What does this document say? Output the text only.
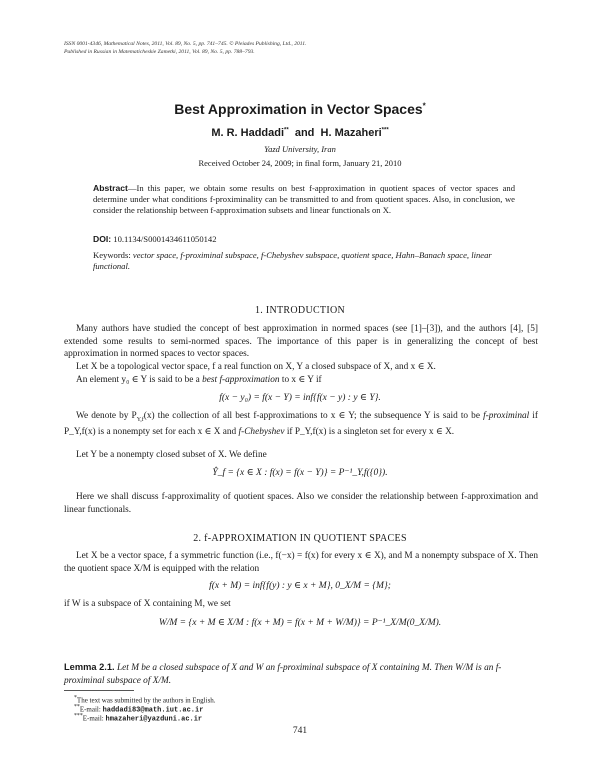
ISSN 0001-4346, Mathematical Notes, 2011, Vol. 89, No. 5, pp. 741–745. © Pleiades Publishing, Ltd., 2011.
Published in Russian in Matematicheskie Zametki, 2011, Vol. 89, No. 5, pp. 788–793.
Best Approximation in Vector Spaces*
M. R. Haddadi** and H. Mazaheri***
Yazd University, Iran
Received October 24, 2009; in final form, January 21, 2010
Abstract—In this paper, we obtain some results on best f-approximation in quotient spaces of vector spaces and determine under what conditions f-proximinality can be transmitted to and from quotient spaces. Also, in conclusion, we consider the relationship between f-approximation subsets and linear functionals on X.
DOI: 10.1134/S0001434611050142
Keywords: vector space, f-proximinal subspace, f-Chebyshev subspace, quotient space, Hahn–Banach space, linear functional.
1. INTRODUCTION
Many authors have studied the concept of best approximation in normed spaces (see [1]–[3]), and the authors [4], [5] extended some results to semi-normed spaces. The importance of this paper is in generalizing the concept of best approximation in normed spaces to vector spaces.
Let X be a topological vector space, f a real function on X, Y a closed subspace of X, and x ∈ X.
An element y₀ ∈ Y is said to be a best f-approximation to x ∈ Y if
f(x − y₀) = f(x − Y) = inf{f(x − y) : y ∈ Y}.
We denote by $P_{Y,f}(x)$ the collection of all best f-approximations to x ∈ Y; the subsequence Y is said to be f-proximinal if P_Y,f(x) is a nonempty set for each x ∈ X and f-Chebyshev if P_Y,f(x) is a singleton set for every x ∈ X.
Let Y be a nonempty closed subset of X. We define
Ŷ_f = {x ∈ X : f(x) = f(x − Y)} = P⁻¹_Y,f({0}).
Here we shall discuss f-approximality of quotient spaces. Also we consider the relationship between f-approximation and linear functionals.
2. f-APPROXIMATION IN QUOTIENT SPACES
Let X be a vector space, f a symmetric function (i.e., f(−x) = f(x) for every x ∈ X), and M a nonempty subspace of X. Then the quotient space X/M is equipped with the relation
f(x + M) = inf{f(y) : y ∈ x + M}, 0_X/M = {M};
if W is a subspace of X containing M, we set
W/M = {x + M ∈ X/M : f(x + M) = f(x + M + W/M)} = P⁻¹_X/M(0_X/M).
Lemma 2.1. Let M be a closed subspace of X and W an f-proximinal subspace of X containing M. Then W/M is an f-proximinal subspace of X/M.
*The text was submitted by the authors in English.
**E-mail: haddadi83@math.iut.ac.ir
***E-mail: hmazaheri@yazduni.ac.ir
741
